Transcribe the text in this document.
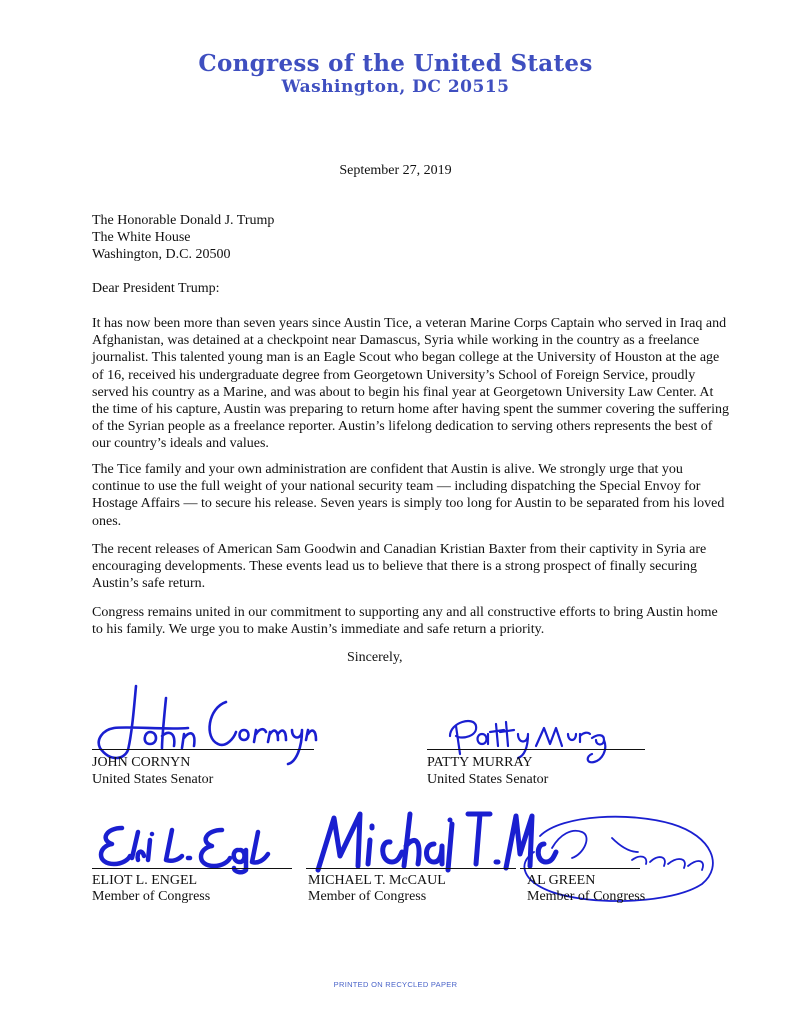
Congress of the United States
Washington, DC 20515
September 27, 2019
The Honorable Donald J. Trump
The White House
Washington, D.C. 20500
Dear President Trump:

It has now been more than seven years since Austin Tice, a veteran Marine Corps Captain who served in Iraq and Afghanistan, was detained at a checkpoint near Damascus, Syria while working in the country as a freelance journalist. This talented young man is an Eagle Scout who began college at the University of Houston at the age of 16, received his undergraduate degree from Georgetown University’s School of Foreign Service, proudly served his country as a Marine, and was about to begin his final year at Georgetown University Law Center. At the time of his capture, Austin was preparing to return home after having spent the summer covering the suffering of the Syrian people as a freelance reporter. Austin’s lifelong dedication to serving others represents the best of our country’s ideals and values.

The Tice family and your own administration are confident that Austin is alive. We strongly urge that you continue to use the full weight of your national security team — including dispatching the Special Envoy for Hostage Affairs — to secure his release. Seven years is simply too long for Austin to be separated from his loved ones.

The recent releases of American Sam Goodwin and Canadian Kristian Baxter from their captivity in Syria are encouraging developments. These events lead us to believe that there is a strong prospect of finally securing Austin’s safe return.

Congress remains united in our commitment to supporting any and all constructive efforts to bring Austin home to his family. We urge you to make Austin’s immediate and safe return a priority.

Sincerely,
JOHN CORNYN
United States Senator
PATTY MURRAY
United States Senator
ELIOT L. ENGEL
Member of Congress
MICHAEL T. McCAUL
Member of Congress
AL GREEN
Member of Congress
PRINTED ON RECYCLED PAPER
